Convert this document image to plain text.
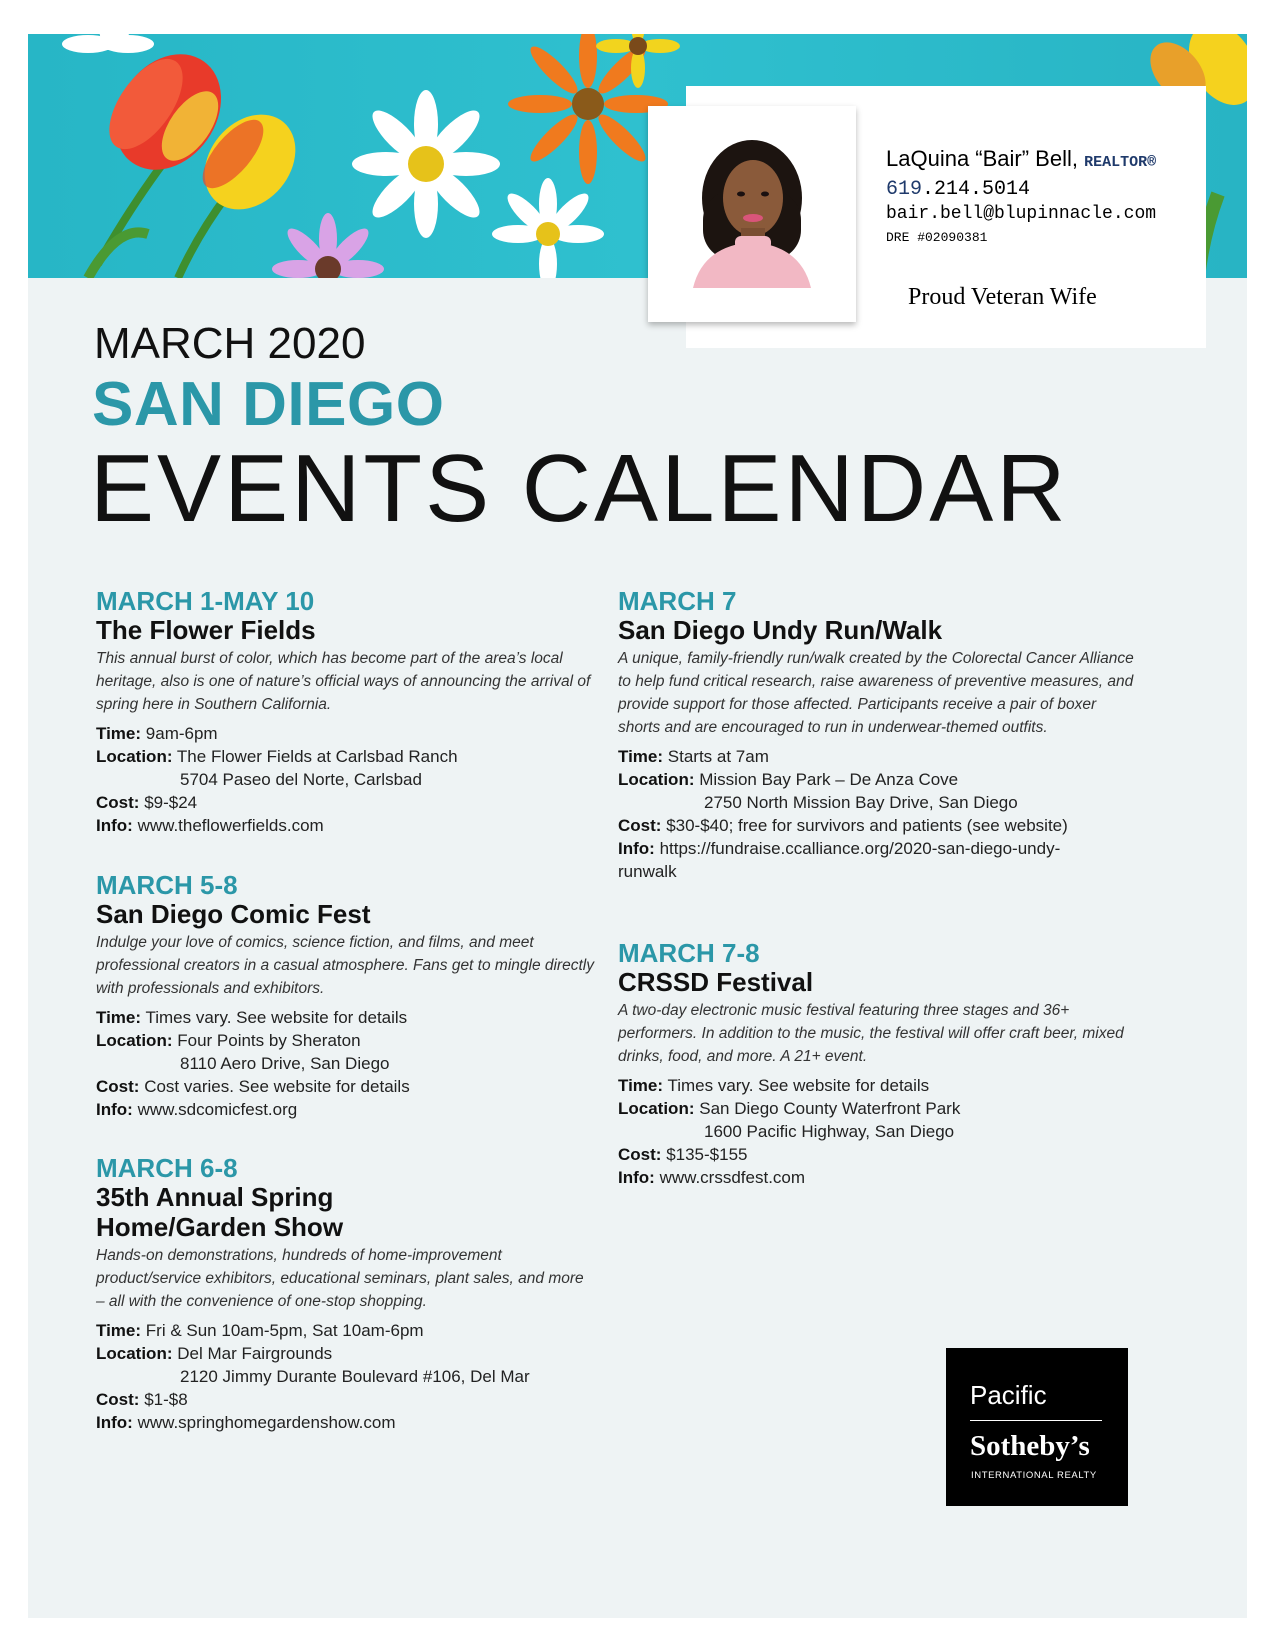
LaQuina “Bair” Bell, REALTOR®
619.214.5014
bair.bell@blupinnacle.com
DRE #02090381
Proud Veteran Wife
MARCH 2020
SAN DIEGO
EVENTS CALENDAR
MARCH 1-MAY 10
The Flower Fields
This annual burst of color, which has become part of the area’s local heritage, also is one of nature’s official ways of announcing the arrival of spring here in Southern California.
Time: 9am-6pm
Location: The Flower Fields at Carlsbad Ranch
5704 Paseo del Norte, Carlsbad
Cost: $9-$24
Info: www.theflowerfields.com
MARCH 5-8
San Diego Comic Fest
Indulge your love of comics, science fiction, and films, and meet professional creators in a casual atmosphere. Fans get to mingle directly with professionals and exhibitors.
Time: Times vary. See website for details
Location: Four Points by Sheraton
8110 Aero Drive, San Diego
Cost: Cost varies. See website for details
Info: www.sdcomicfest.org
MARCH 6-8
35th Annual Spring
Home/Garden Show
Hands-on demonstrations, hundreds of home-improvement product/service exhibitors, educational seminars, plant sales, and more – all with the convenience of one-stop shopping.
Time: Fri & Sun 10am-5pm, Sat 10am-6pm
Location: Del Mar Fairgrounds
2120 Jimmy Durante Boulevard #106, Del Mar
Cost: $1-$8
Info: www.springhomegardenshow.com
MARCH 7
San Diego Undy Run/Walk
A unique, family-friendly run/walk created by the Colorectal Cancer Alliance to help fund critical research, raise awareness of preventive measures, and provide support for those affected. Participants receive a pair of boxer shorts and are encouraged to run in underwear-themed outfits.
Time: Starts at 7am
Location: Mission Bay Park – De Anza Cove
2750 North Mission Bay Drive, San Diego
Cost: $30-$40; free for survivors and patients (see website)
Info: https://fundraise.ccalliance.org/2020-san-diego-undy-
runwalk
MARCH 7-8
CRSSD Festival
A two-day electronic music festival featuring three stages and 36+ performers. In addition to the music, the festival will offer craft beer, mixed drinks, food, and more. A 21+ event.
Time: Times vary. See website for details
Location: San Diego County Waterfront Park
1600 Pacific Highway, San Diego
Cost: $135-$155
Info: www.crssdfest.com
Pacific
Sotheby’s
INTERNATIONAL REALTY
